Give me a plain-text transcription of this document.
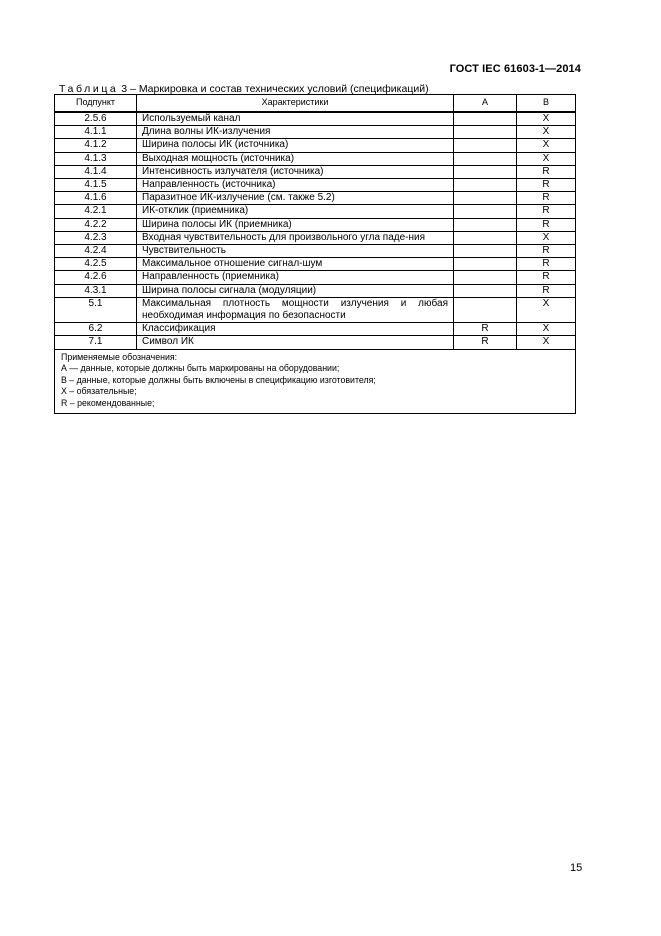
ГОСТ IEC 61603-1—2014
Таблица 3 – Маркировка и состав технических условий (спецификаций)
Подпункт	Характеристики	A	B
2.5.6	Используемый канал		X
4.1.1	Длина волны ИК-излучения		X
4.1.2	Ширина полосы ИК (источника)		X
4.1.3	Выходная мощность (источника)		X
4.1.4	Интенсивность излучателя (источника)		R
4.1.5	Направленность (источника)		R
4.1.6	Паразитное ИК-излучение (см. также 5.2)		R
4.2.1	ИК-отклик (приемника)		R
4.2.2	Ширина полосы ИК (приемника)		R
4.2.3	Входная чувствительность для произвольного угла паде-ния		X
4.2.4	Чувствительность		R
4.2.5	Максимальное отношение сигнал-шум		R
4.2.6	Направленность (приемника)		R
4.3.1	Ширина полосы сигнала (модуляции)		R
5.1	Максимальная плотность мощности излучения и любая необходимая информация по безопасности		X
6.2	Классификация	R	X
7.1	Символ ИК	R	X

Применяемые обозначения:
А — данные, которые должны быть маркированы на оборудовании;
В – данные, которые должны быть включены в спецификацию изготовителя;
Х – обязательные;
R – рекомендованные;			
15
